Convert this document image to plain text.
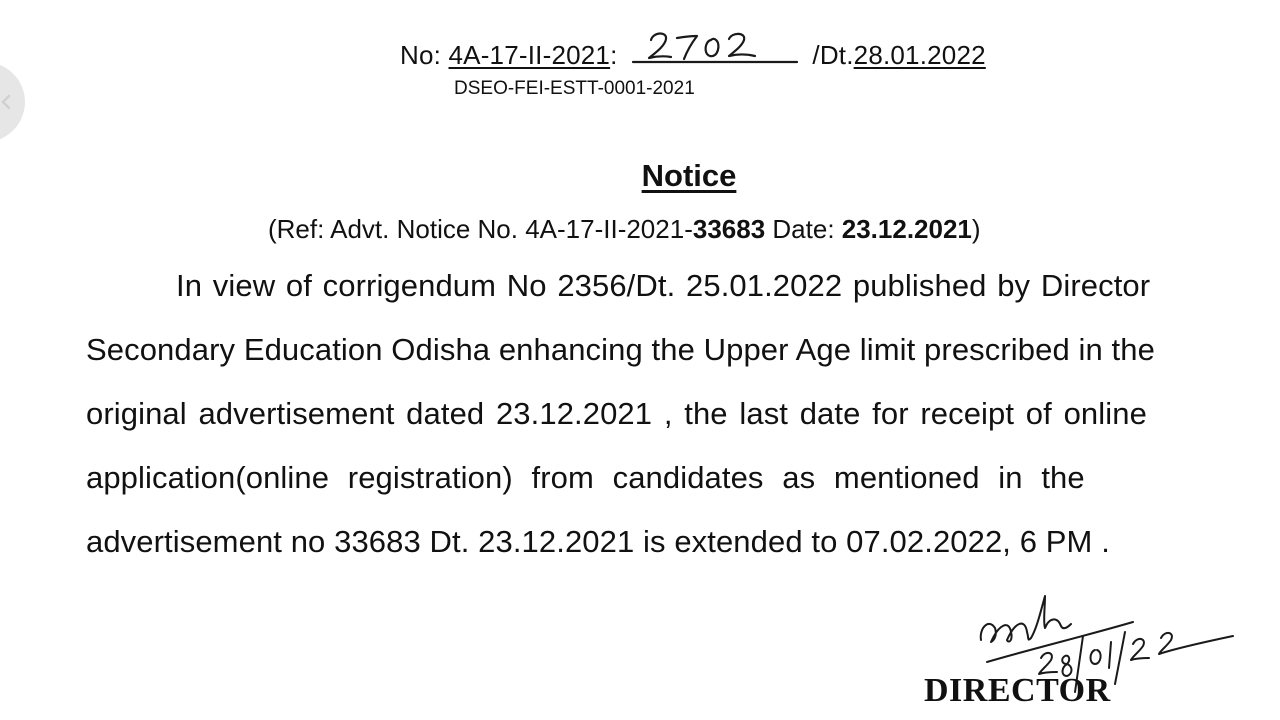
No: 4A-17-II-2021:	/Dt.28.01.2022
DSEO-FEI-ESTT-0001-2021
Notice
(Ref: Advt. Notice No. 4A-17-II-2021-33683 Date: 23.12.2021)
In view of corrigendum No 2356/Dt. 25.01.2022 published by Director
Secondary Education Odisha enhancing the Upper Age limit prescribed in the
original advertisement dated 23.12.2021 , the last date for receipt of online
application(online registration) from candidates as mentioned in the
advertisement no 33683 Dt. 23.12.2021 is extended to 07.02.2022, 6 PM .
DIRECTOR
